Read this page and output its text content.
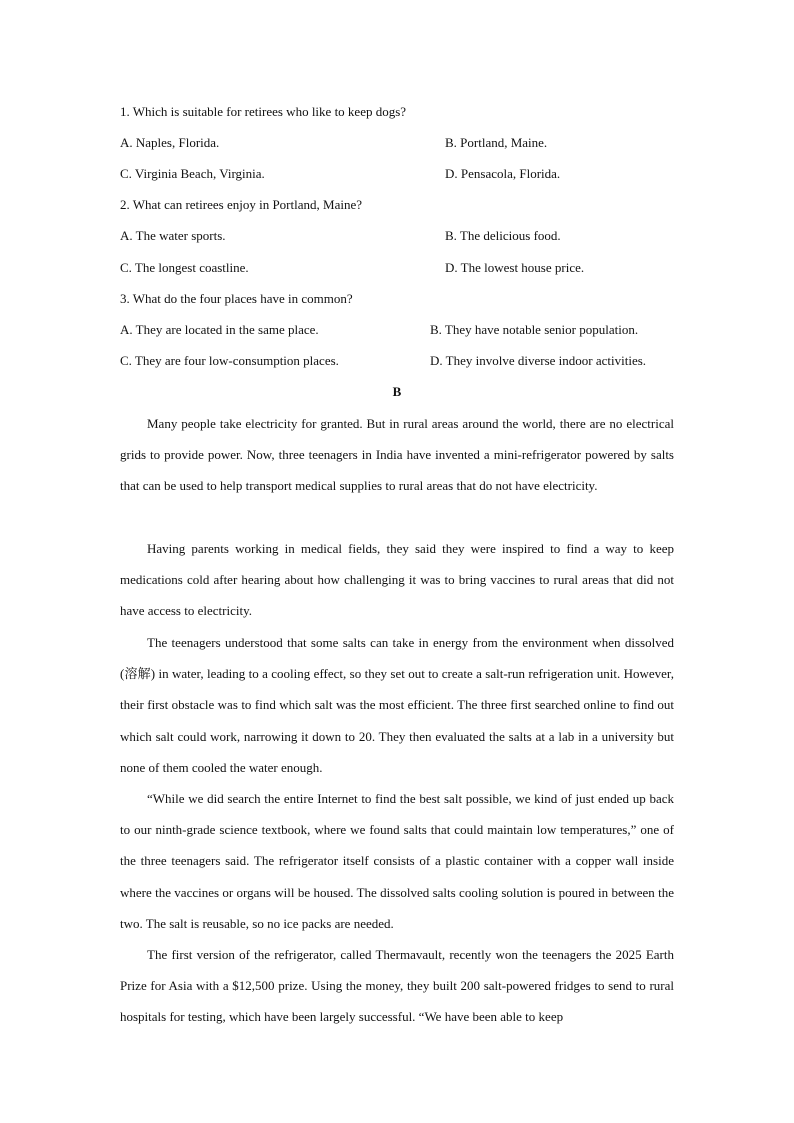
1. Which is suitable for retirees who like to keep dogs?
A. Naples, Florida.	B. Portland, Maine.
C. Virginia Beach, Virginia.	D. Pensacola, Florida.
2. What can retirees enjoy in Portland, Maine?
A. The water sports.	B. The delicious food.
C. The longest coastline.	D. The lowest house price.
3. What do the four places have in common?
A. They are located in the same place.	B. They have notable senior population.
C. They are four low-consumption places.	D. They involve diverse indoor activities.
B
Many people take electricity for granted. But in rural areas around the world, there are no electrical grids to provide power. Now, three teenagers in India have invented a mini-refrigerator powered by salts that can be used to help transport medical supplies to rural areas that do not have electricity.
Having parents working in medical fields, they said they were inspired to find a way to keep medications cold after hearing about how challenging it was to bring vaccines to rural areas that did not have access to electricity.
The teenagers understood that some salts can take in energy from the environment when dissolved (溶解) in water, leading to a cooling effect, so they set out to create a salt-run refrigeration unit. However, their first obstacle was to find which salt was the most efficient. The three first searched online to find out which salt could work, narrowing it down to 20. They then evaluated the salts at a lab in a university but none of them cooled the water enough.
“While we did search the entire Internet to find the best salt possible, we kind of just ended up back to our ninth-grade science textbook, where we found salts that could maintain low temperatures,” one of the three teenagers said. The refrigerator itself consists of a plastic container with a copper wall inside where the vaccines or organs will be housed. The dissolved salts cooling solution is poured in between the two. The salt is reusable, so no ice packs are needed.
The first version of the refrigerator, called Thermavault, recently won the teenagers the 2025 Earth Prize for Asia with a $12,500 prize. Using the money, they built 200 salt-powered fridges to send to rural hospitals for testing, which have been largely successful. “We have been able to keep
